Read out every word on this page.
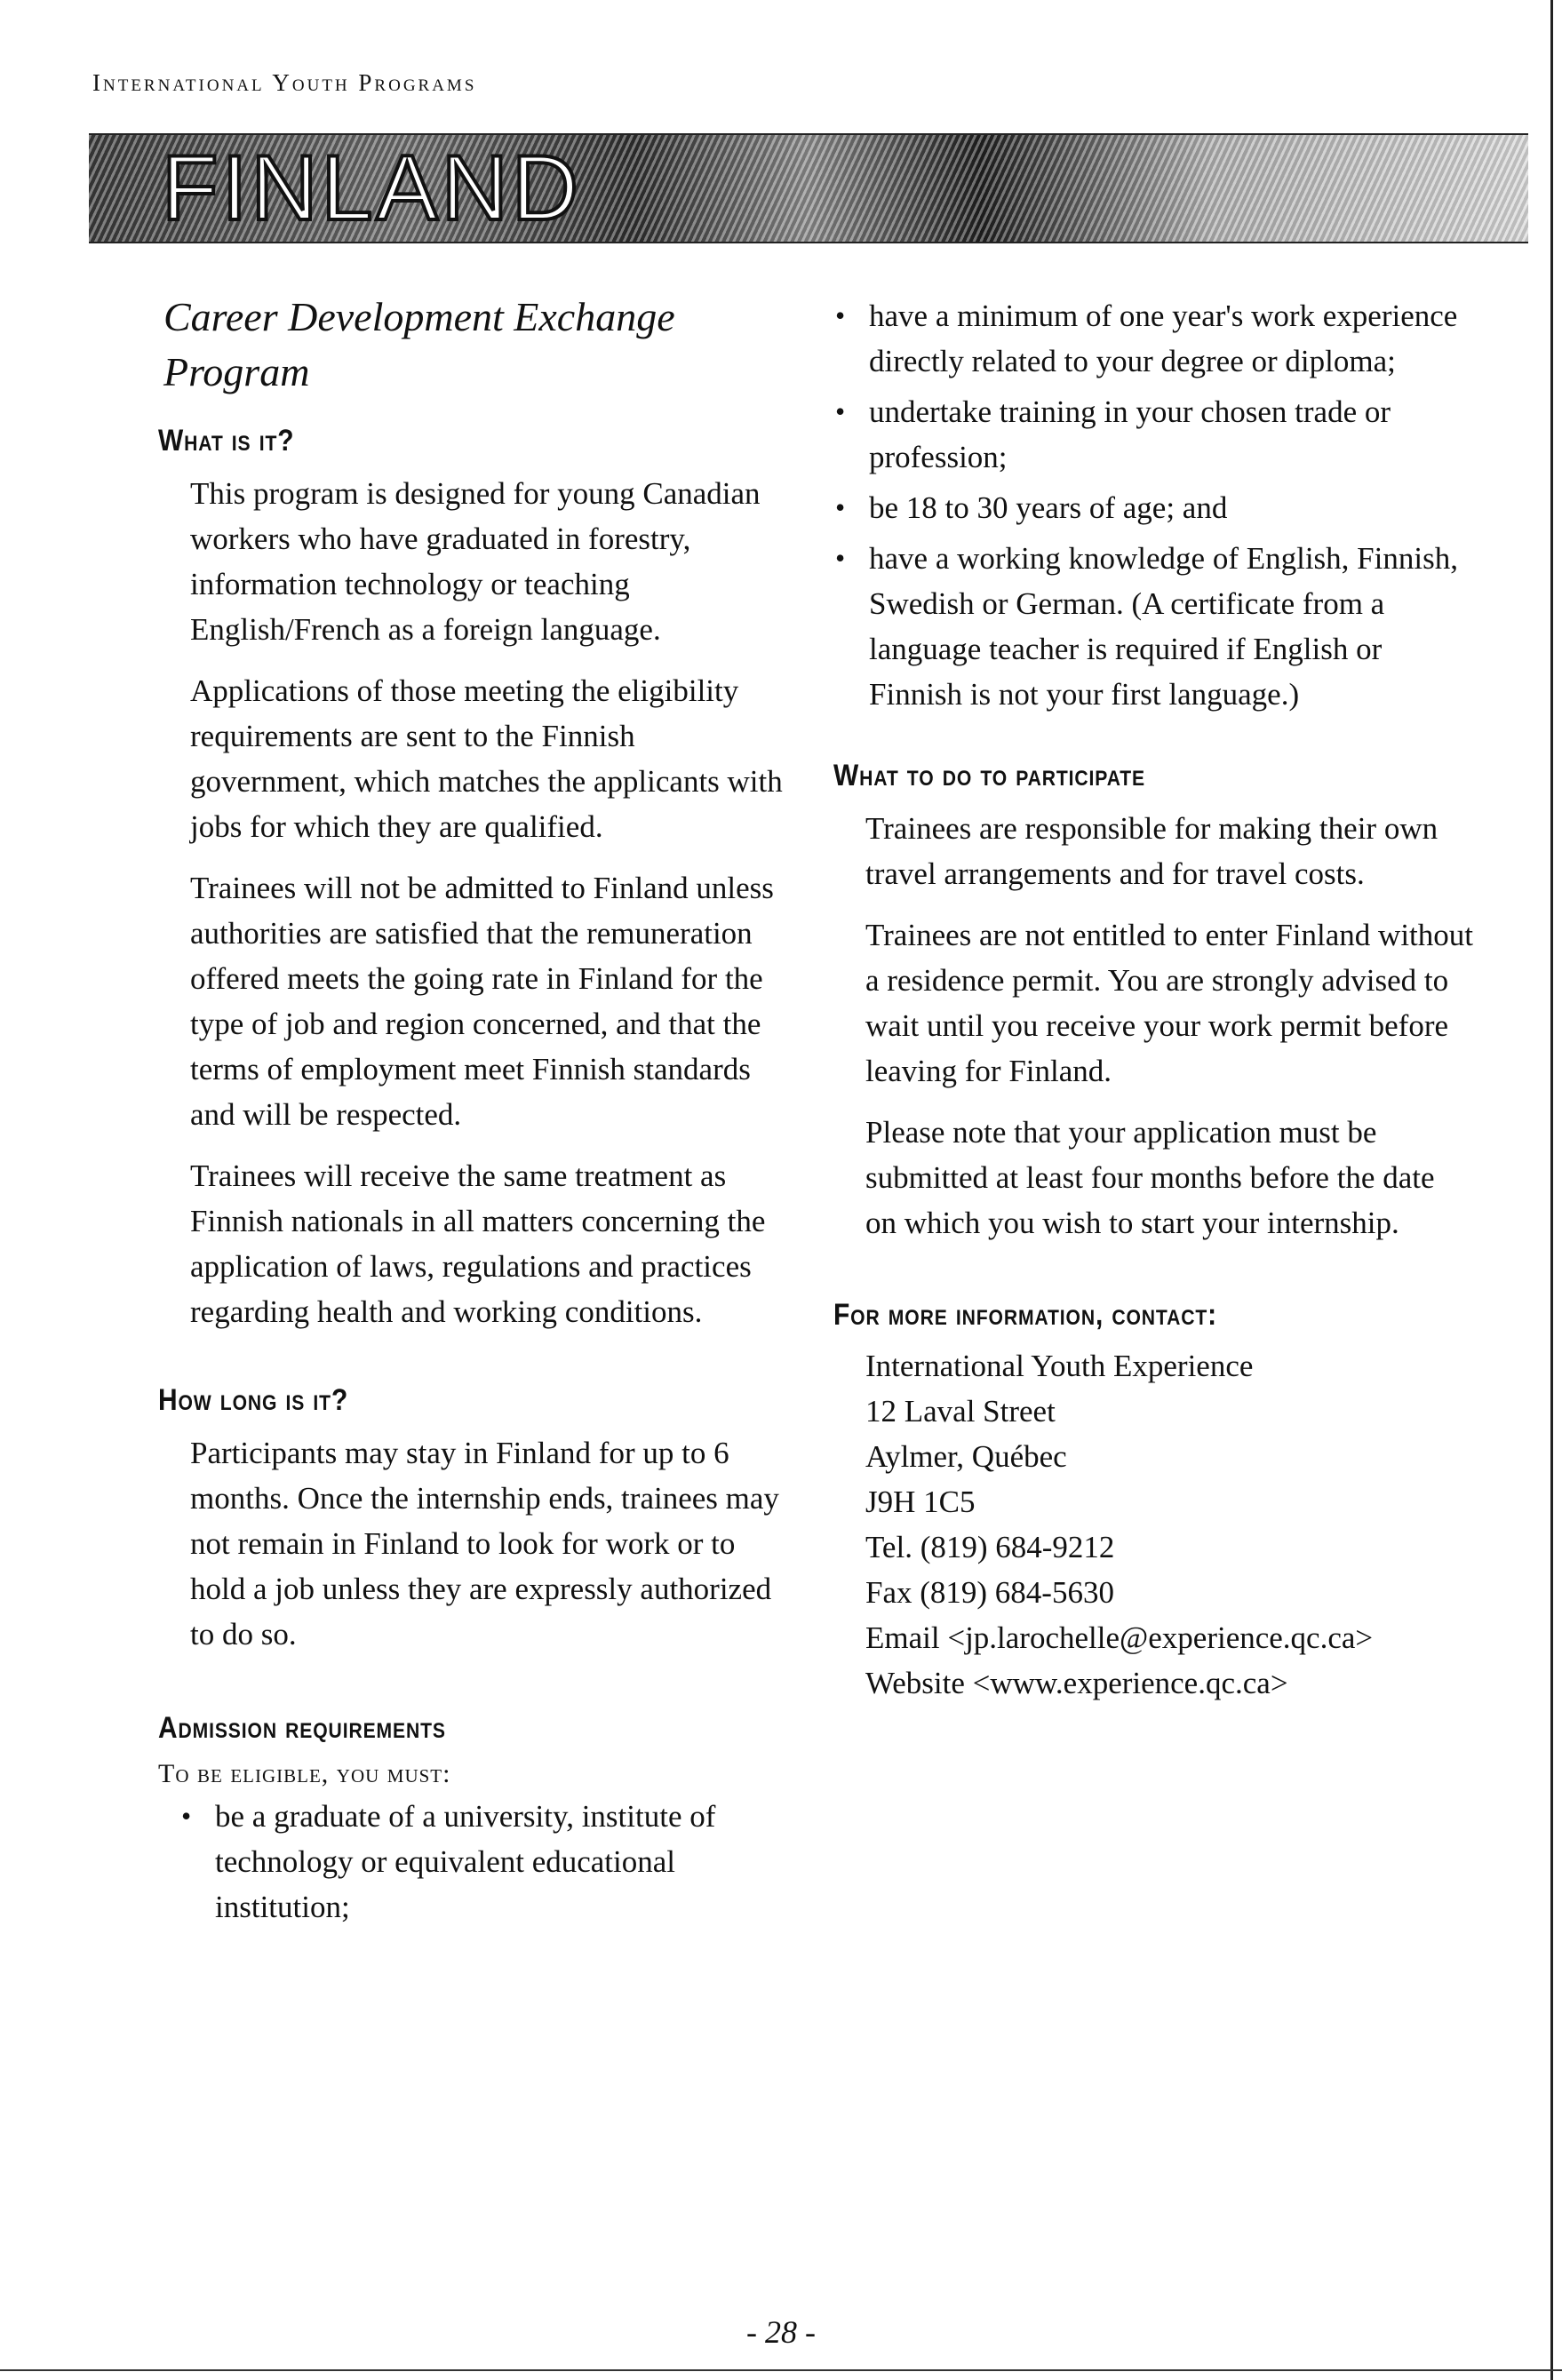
International Youth Programs
FINLAND
Career Development Exchange Program
What is it?

This program is designed for young Canadian workers who have graduated in forestry, information technology or teaching English/French as a foreign language.

Applications of those meeting the eligibility requirements are sent to the Finnish government, which matches the applicants with jobs for which they are qualified.

Trainees will not be admitted to Finland unless authorities are satisfied that the remuneration offered meets the going rate in Finland for the type of job and region concerned, and that the terms of employment meet Finnish standards and will be respected.

Trainees will receive the same treatment as Finnish nationals in all matters concerning the application of laws, regulations and practices regarding health and working conditions.

How long is it?

Participants may stay in Finland for up to 6 months. Once the internship ends, trainees may not remain in Finland to look for work or to hold a job unless they are expressly authorized to do so.

Admission requirements

To be eligible, you must:

• be a graduate of a university, institute of technology or equivalent educational institution;
• have a minimum of one year's work experience directly related to your degree or diploma;
• undertake training in your chosen trade or profession;
• be 18 to 30 years of age; and
• have a working knowledge of English, Finnish, Swedish or German. (A certificate from a language teacher is required if English or Finnish is not your first language.)
What to do to participate

Trainees are responsible for making their own travel arrangements and for travel costs.

Trainees are not entitled to enter Finland without a residence permit. You are strongly advised to wait until you receive your work permit before leaving for Finland.

Please note that your application must be submitted at least four months before the date on which you wish to start your internship.

For more information, contact:
International Youth Experience
12 Laval Street
Aylmer, Québec
J9H 1C5
Tel. (819) 684-9212
Fax (819) 684-5630
Email <jp.larochelle@experience.qc.ca>
Website <www.experience.qc.ca>
- 28 -
